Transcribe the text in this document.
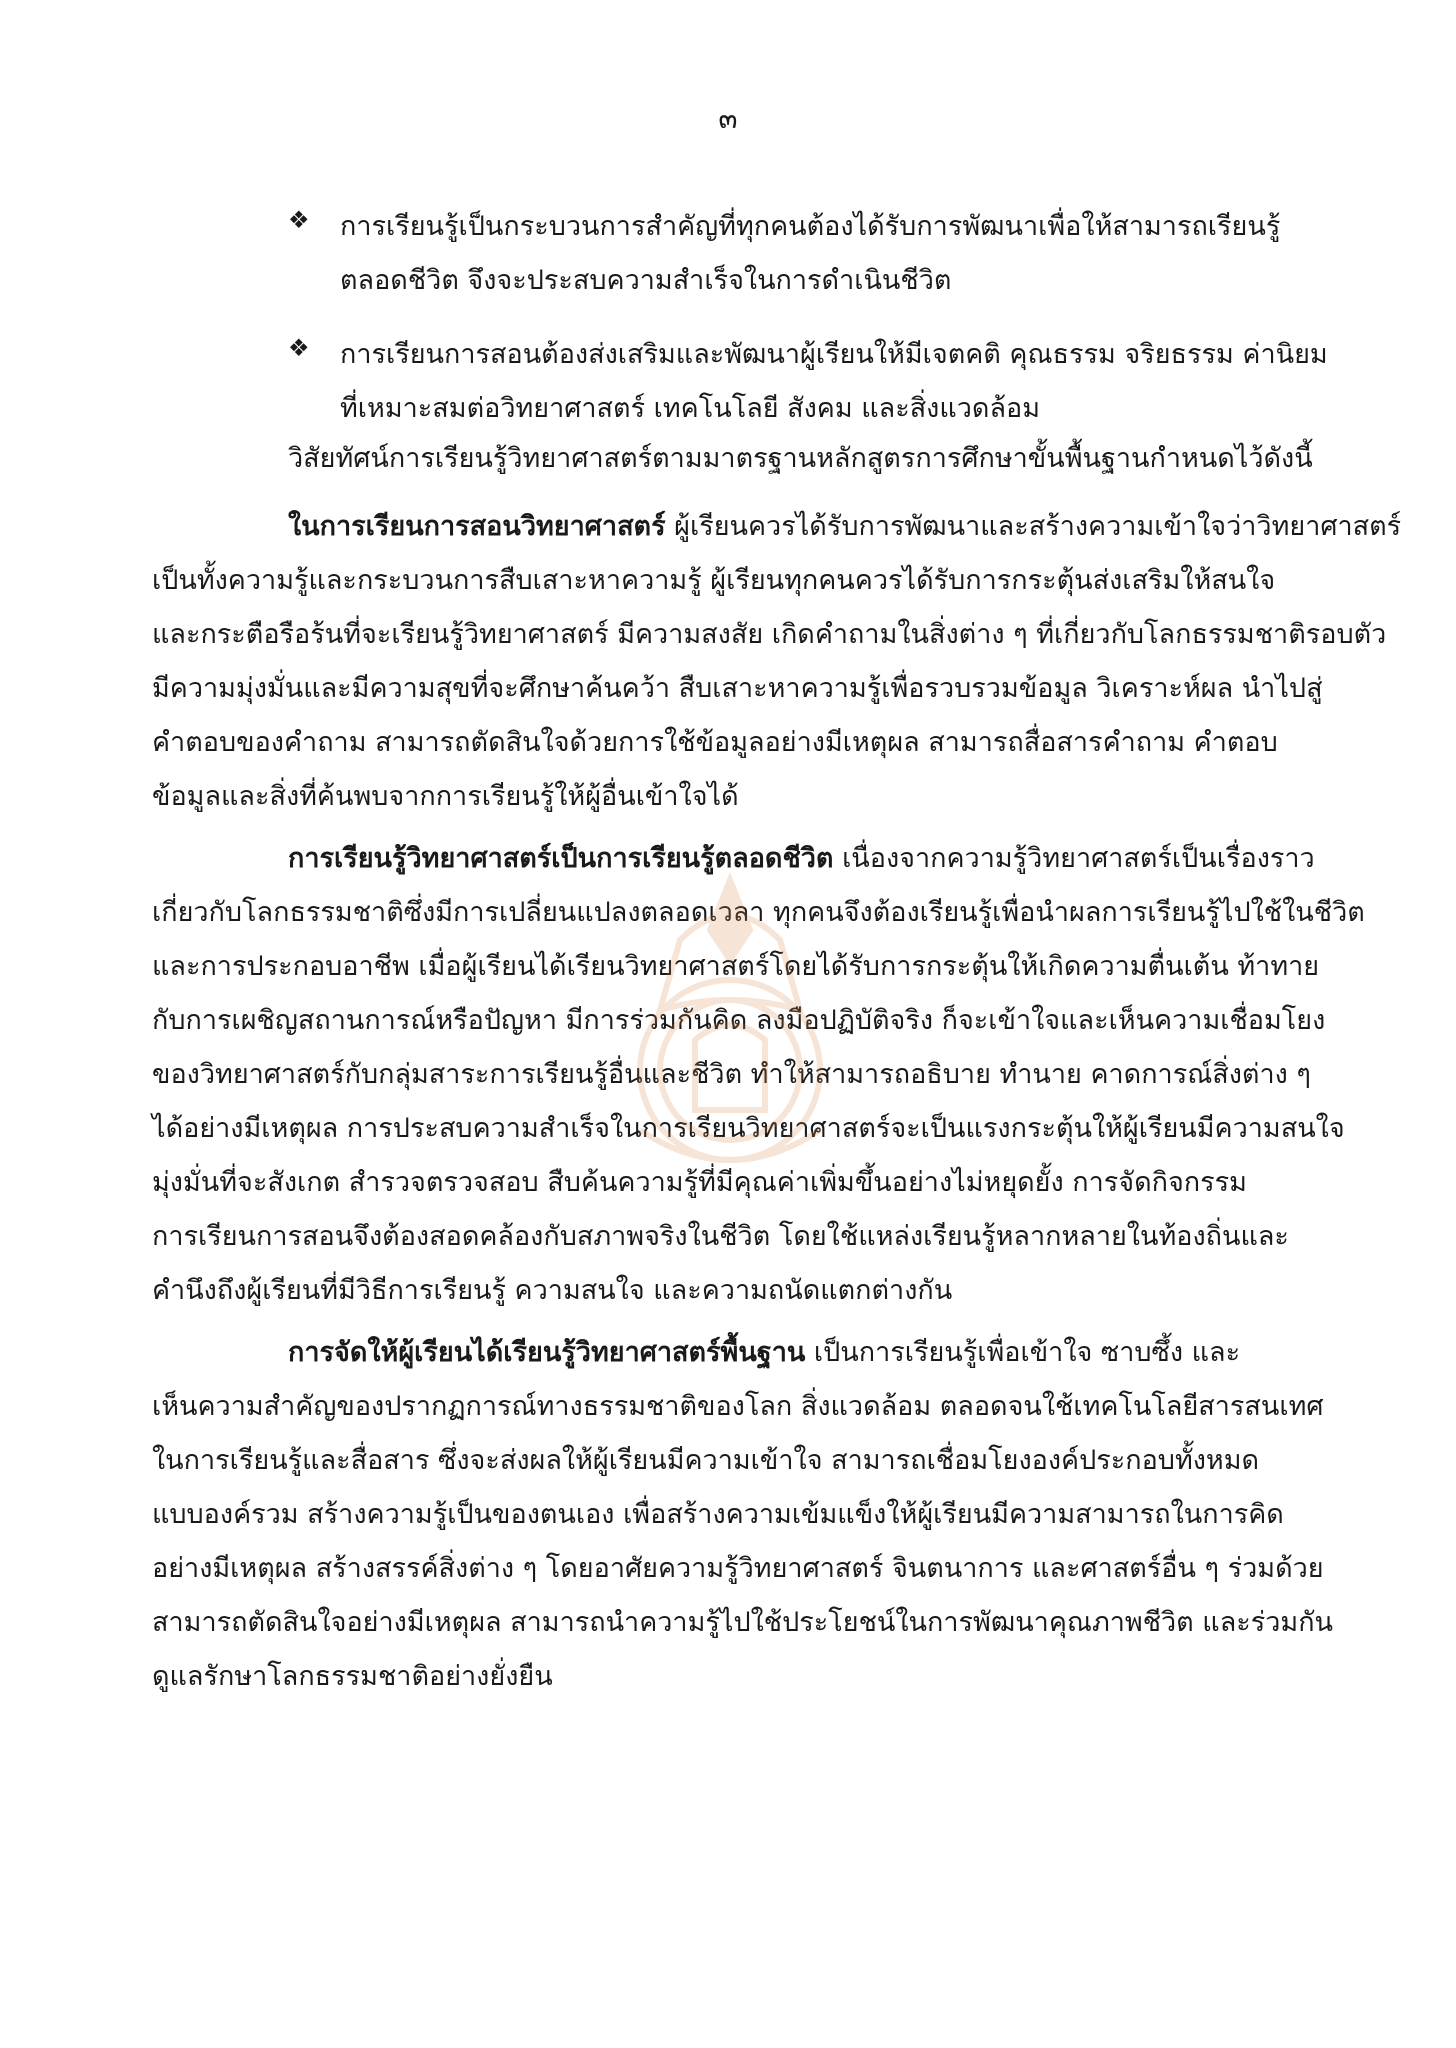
๓
❖ การเรียนรู้เป็นกระบวนการสำคัญที่ทุกคนต้องได้รับการพัฒนาเพื่อให้สามารถเรียนรู้
ตลอดชีวิต จึงจะประสบความสำเร็จในการดำเนินชีวิต
❖ การเรียนการสอนต้องส่งเสริมและพัฒนาผู้เรียนให้มีเจตคติ คุณธรรม จริยธรรม ค่านิยม
ที่เหมาะสมต่อวิทยาศาสตร์ เทคโนโลยี สังคม และสิ่งแวดล้อม
วิสัยทัศน์การเรียนรู้วิทยาศาสตร์ตามมาตรฐานหลักสูตรการศึกษาขั้นพื้นฐานกำหนดไว้ดังนี้
ในการเรียนการสอนวิทยาศาสตร์ ผู้เรียนควรได้รับการพัฒนาและสร้างความเข้าใจว่าวิทยาศาสตร์
เป็นทั้งความรู้และกระบวนการสืบเสาะหาความรู้ ผู้เรียนทุกคนควรได้รับการกระตุ้นส่งเสริมให้สนใจ
และกระตือรือร้นที่จะเรียนรู้วิทยาศาสตร์ มีความสงสัย เกิดคำถามในสิ่งต่าง ๆ ที่เกี่ยวกับโลกธรรมชาติรอบตัว
มีความมุ่งมั่นและมีความสุขที่จะศึกษาค้นคว้า สืบเสาะหาความรู้เพื่อรวบรวมข้อมูล วิเคราะห์ผล นำไปสู่
คำตอบของคำถาม สามารถตัดสินใจด้วยการใช้ข้อมูลอย่างมีเหตุผล สามารถสื่อสารคำถาม คำตอบ
ข้อมูลและสิ่งที่ค้นพบจากการเรียนรู้ให้ผู้อื่นเข้าใจได้
การเรียนรู้วิทยาศาสตร์เป็นการเรียนรู้ตลอดชีวิต เนื่องจากความรู้วิทยาศาสตร์เป็นเรื่องราว
เกี่ยวกับโลกธรรมชาติซึ่งมีการเปลี่ยนแปลงตลอดเวลา ทุกคนจึงต้องเรียนรู้เพื่อนำผลการเรียนรู้ไปใช้ในชีวิต
และการประกอบอาชีพ เมื่อผู้เรียนได้เรียนวิทยาศาสตร์โดยได้รับการกระตุ้นให้เกิดความตื่นเต้น ท้าทาย
กับการเผชิญสถานการณ์หรือปัญหา มีการร่วมกันคิด ลงมือปฏิบัติจริง ก็จะเข้าใจและเห็นความเชื่อมโยง
ของวิทยาศาสตร์กับกลุ่มสาระการเรียนรู้อื่นและชีวิต ทำให้สามารถอธิบาย ทำนาย คาดการณ์สิ่งต่าง ๆ
ได้อย่างมีเหตุผล การประสบความสำเร็จในการเรียนวิทยาศาสตร์จะเป็นแรงกระตุ้นให้ผู้เรียนมีความสนใจ
มุ่งมั่นที่จะสังเกต สำรวจตรวจสอบ สืบค้นความรู้ที่มีคุณค่าเพิ่มขึ้นอย่างไม่หยุดยั้ง การจัดกิจกรรม
การเรียนการสอนจึงต้องสอดคล้องกับสภาพจริงในชีวิต โดยใช้แหล่งเรียนรู้หลากหลายในท้องถิ่นและ
คำนึงถึงผู้เรียนที่มีวิธีการเรียนรู้ ความสนใจ และความถนัดแตกต่างกัน
การจัดให้ผู้เรียนได้เรียนรู้วิทยาศาสตร์พื้นฐาน เป็นการเรียนรู้เพื่อเข้าใจ ซาบซึ้ง และ
เห็นความสำคัญของปรากฏการณ์ทางธรรมชาติของโลก สิ่งแวดล้อม ตลอดจนใช้เทคโนโลยีสารสนเทศ
ในการเรียนรู้และสื่อสาร ซึ่งจะส่งผลให้ผู้เรียนมีความเข้าใจ สามารถเชื่อมโยงองค์ประกอบทั้งหมด
แบบองค์รวม สร้างความรู้เป็นของตนเอง เพื่อสร้างความเข้มแข็งให้ผู้เรียนมีความสามารถในการคิด
อย่างมีเหตุผล สร้างสรรค์สิ่งต่าง ๆ โดยอาศัยความรู้วิทยาศาสตร์ จินตนาการ และศาสตร์อื่น ๆ ร่วมด้วย
สามารถตัดสินใจอย่างมีเหตุผล สามารถนำความรู้ไปใช้ประโยชน์ในการพัฒนาคุณภาพชีวิต และร่วมกัน
ดูแลรักษาโลกธรรมชาติอย่างยั่งยืน
